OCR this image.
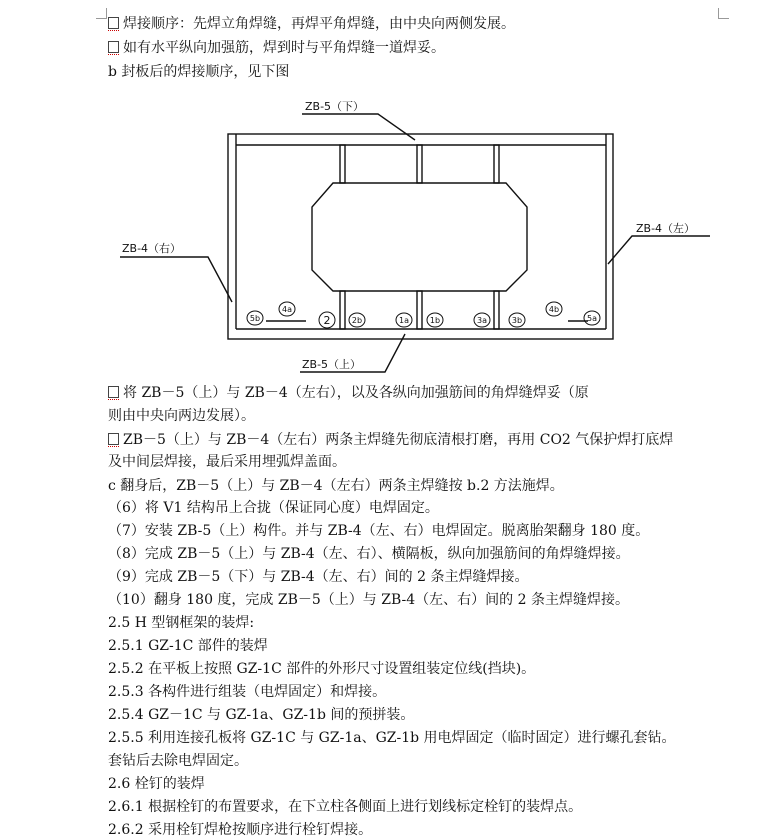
焊接顺序：先焊立角焊缝，再焊平角焊缝，由中央向两侧发展。
如有水平纵向加强筋，焊到时与平角焊缝一道焊妥。
b 封板后的焊接顺序，见下图
ZB-5（下）
ZB-5（上）
ZB-4（右）
ZB-4（左）
5b
4a
2	2b	1a	1b	3a	3b
4b
5a
将 ZB－5（上）与 ZB－4（左右），以及各纵向加强筋间的角焊缝焊妥（原
则由中央向两边发展）。
ZB－5（上）与 ZB－4（左右）两条主焊缝先彻底清根打磨，再用 CO2 气保护焊打底焊
及中间层焊接，最后采用埋弧焊盖面。
c 翻身后，ZB－5（上）与 ZB－4（左右）两条主焊缝按 b.2 方法施焊。
（6）将 V1 结构吊上合拢（保证同心度）电焊固定。
（7）安装 ZB-5（上）构件。并与 ZB-4（左、右）电焊固定。脱离胎架翻身 180 度。
（8）完成 ZB－5（上）与 ZB-4（左、右）、横隔板，纵向加强筋间的角焊缝焊接。
（9）完成 ZB－5（下）与 ZB-4（左、右）间的 2 条主焊缝焊接。
（10）翻身 180 度，完成 ZB－5（上）与 ZB-4（左、右）间的 2 条主焊缝焊接。
2.5 H 型钢框架的装焊:
2.5.1 GZ-1C 部件的装焊
2.5.2 在平板上按照 GZ-1C 部件的外形尺寸设置组装定位线(挡块)。
2.5.3 各构件进行组装（电焊固定）和焊接。
2.5.4 GZ－1C 与 GZ-1a、GZ-1b 间的预拼装。
2.5.5 利用连接孔板将 GZ-1C 与 GZ-1a、GZ-1b 用电焊固定（临时固定）进行螺孔套钻。
套钻后去除电焊固定。
2.6 栓钉的装焊
2.6.1 根据栓钉的布置要求，在下立柱各侧面上进行划线标定栓钉的装焊点。
2.6.2 采用栓钉焊枪按顺序进行栓钉焊接。
